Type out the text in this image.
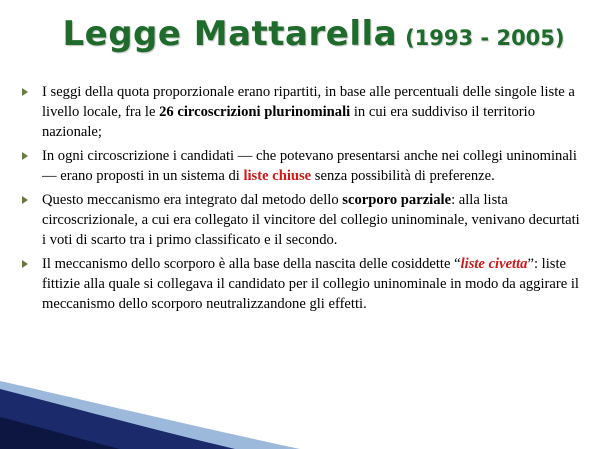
Legge Mattarella (1993 - 2005)
I seggi della quota proporzionale erano ripartiti, in base alle percentuali delle singole liste a livello locale, fra le 26 circoscrizioni plurinominali in cui era suddiviso il territorio nazionale;
In ogni circoscrizione i candidati — che potevano presentarsi anche nei collegi uninominali — erano proposti in un sistema di liste chiuse senza possibilità di preferenze.
Questo meccanismo era integrato dal metodo dello scorporo parziale: alla lista circoscrizionale, a cui era collegato il vincitore del collegio uninominale, venivano decurtati i voti di scarto tra i primo classificato e il secondo.
Il meccanismo dello scorporo è alla base della nascita delle cosiddette “liste civetta”: liste fittizie alla quale si collegava il candidato per il collegio uninominale in modo da aggirare il meccanismo dello scorporo neutralizzandone gli effetti.
